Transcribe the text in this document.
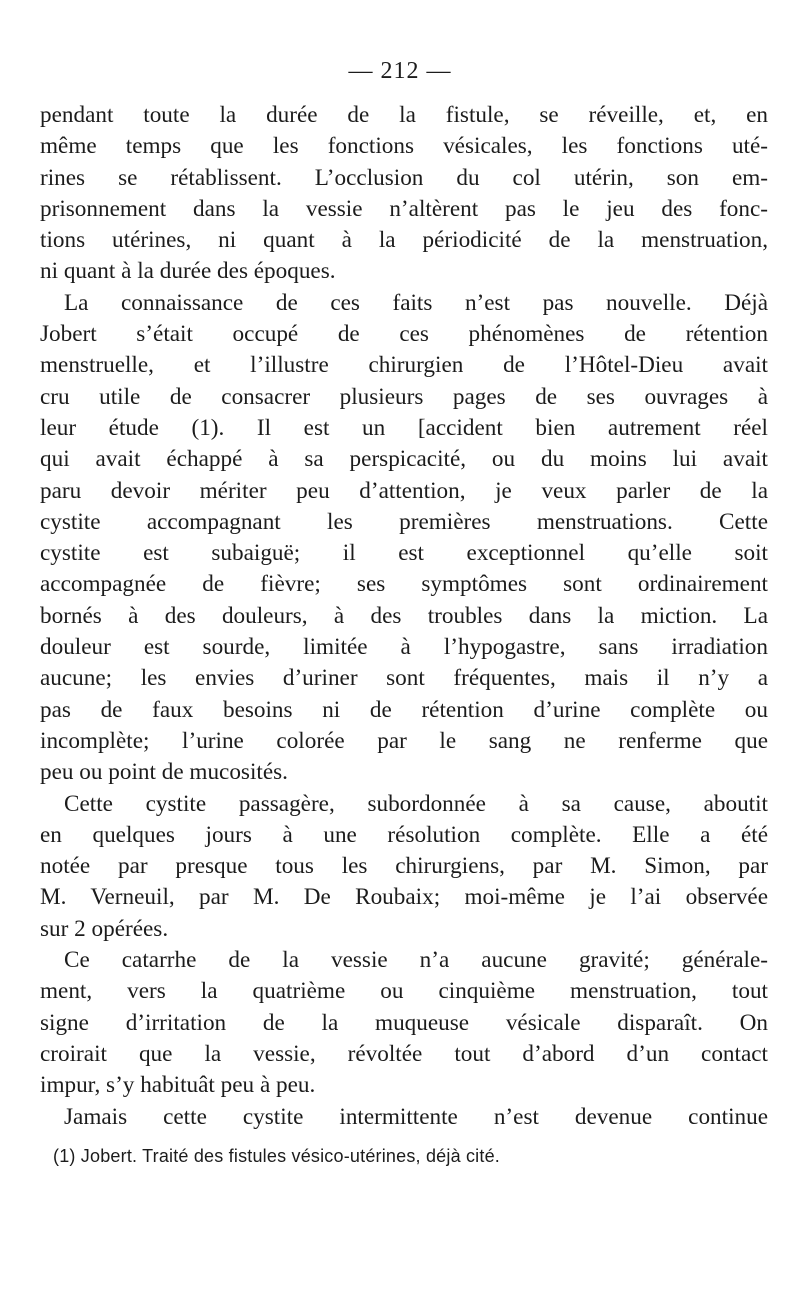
— 212 —
pendant toute la durée de la fistule, se réveille, et, en
même temps que les fonctions vésicales, les fonctions uté-
rines se rétablissent. L’occlusion du col utérin, son em-
prisonnement dans la vessie n’altèrent pas le jeu des fonc-
tions utérines, ni quant à la périodicité de la menstruation,
ni quant à la durée des époques.
La connaissance de ces faits n’est pas nouvelle. Déjà
Jobert s’était occupé de ces phénomènes de rétention
menstruelle, et l’illustre chirurgien de l’Hôtel-Dieu avait
cru utile de consacrer plusieurs pages de ses ouvrages à
leur étude (1). Il est un [accident bien autrement réel
qui avait échappé à sa perspicacité, ou du moins lui avait
paru devoir mériter peu d’attention, je veux parler de la
cystite accompagnant les premières menstruations. Cette
cystite est subaiguë; il est exceptionnel qu’elle soit
accompagnée de fièvre; ses symptômes sont ordinairement
bornés à des douleurs, à des troubles dans la miction. La
douleur est sourde, limitée à l’hypogastre, sans irradiation
aucune; les envies d’uriner sont fréquentes, mais il n’y a
pas de faux besoins ni de rétention d’urine complète ou
incomplète; l’urine colorée par le sang ne renferme que
peu ou point de mucosités.
Cette cystite passagère, subordonnée à sa cause, aboutit
en quelques jours à une résolution complète. Elle a été
notée par presque tous les chirurgiens, par M. Simon, par
M. Verneuil, par M. De Roubaix; moi-même je l’ai observée
sur 2 opérées.
Ce catarrhe de la vessie n’a aucune gravité; générale-
ment, vers la quatrième ou cinquième menstruation, tout
signe d’irritation de la muqueuse vésicale disparaît. On
croirait que la vessie, révoltée tout d’abord d’un contact
impur, s’y habituât peu à peu.
Jamais cette cystite intermittente n’est devenue continue
(1) Jobert. Traité des fistules vésico-utérines, déjà cité.
